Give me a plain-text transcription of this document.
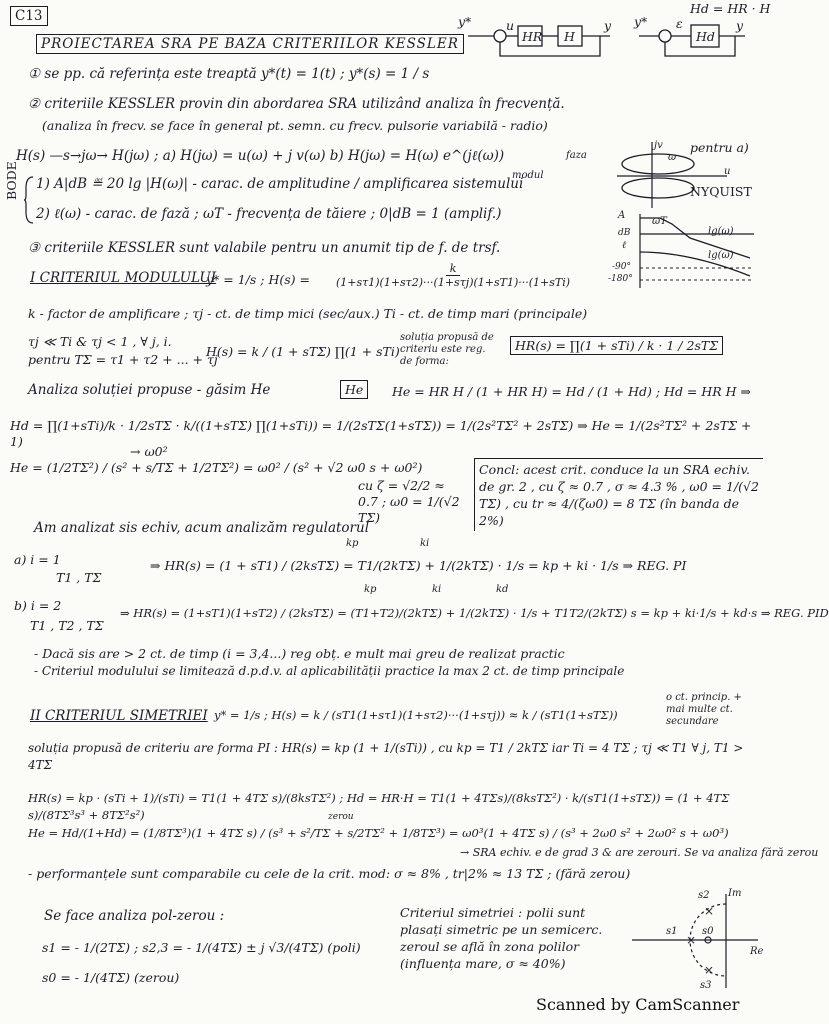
C13
PROIECTAREA SRA PE BAZA CRITERIILOR KESSLER
y*	u
HR H
y y* ε
Hd
y
Hd = HR · H
① se pp. că referința este treaptă y*(t) = 1(t) ; y*(s) = 1 / s
② criteriile KESSLER provin din abordarea SRA utilizând analiza în frecvență.
(analiza în frecv. se face în general pt. semn. cu frecv. pulsorie variabilă - radio)
H(s) —s→jω→ H(jω) ; a) H(jω) = u(ω) + j v(ω) b) H(jω) = H(ω) e^(jℓ(ω))
modul
faza
BODE 1) A|dB ≝ 20 lg |H(ω)| - carac. de amplitudine / amplificarea sistemului
2) ℓ(ω) - carac. de fază ; ωT - frecvența de tăiere ; 0|dB = 1 (amplif.)
③ criteriile KESSLER sunt valabile pentru un anumit tip de f. de trsf.
pentru a)
NYQUIST
jv
u
ω
A
ωT
lg(ω)
lg(ω)
ℓ
-90°
-180°
dB
I CRITERIUL MODULULUI
y* = 1/s ; H(s) =
k
(1+sτ1)(1+sτ2)···(1+sτj)(1+sT1)···(1+sTi)
k - factor de amplificare ; τj - ct. de timp mici (sec/aux.) Ti - ct. de timp mari (principale)
τj ≪ Ti & τj < 1 , ∀ j, i.
pentru TΣ = τ1 + τ2 + ... + τj
H(s) = k / (1 + sTΣ) ∏(1 + sTi)
soluția propusă de criteriu este reg. de forma:
HR(s) = ∏(1 + sTi) / k · 1 / 2sTΣ
Analiza soluției propuse - găsim He	He	He = HR H / (1 + HR H) = Hd / (1 + Hd) ; Hd = HR H ⇒
Hd = ∏(1+sTi)/k · 1/2sTΣ · k/((1+sTΣ) ∏(1+sTi)) = 1/(2sTΣ(1+sTΣ)) = 1/(2s²TΣ² + 2sTΣ) ⇒ He = 1/(2s²TΣ² + 2sTΣ + 1)
He = (1/2TΣ²) / (s² + s/TΣ + 1/2TΣ²) = ω0² / (s² + √2 ω0 s + ω0²)
→ ω0²
cu ζ = √2/2 ≈ 0.7 ; ω0 = 1/(√2 TΣ)
Concl: acest crit. conduce la un SRA echiv. de gr. 2 , cu ζ ≈ 0.7 , σ ≈ 4.3 % , ω0 = 1/(√2 TΣ) , cu tr ≈ 4/(ζω0) = 8 TΣ (în banda de 2%)
Am analizat sis echiv, acum analizăm regulatorul
a) i = 1
T1 , TΣ
⇒ HR(s) = (1 + sT1) / (2ksTΣ) = T1/(2kTΣ) + 1/(2kTΣ) · 1/s = kp + ki · 1/s ⇒ REG. PI
kp	ki
b) i = 2
T1 , T2 , TΣ
⇒ HR(s) = (1+sT1)(1+sT2) / (2ksTΣ) = (T1+T2)/(2kTΣ) + 1/(2kTΣ) · 1/s + T1T2/(2kTΣ) s = kp + ki·1/s + kd·s ⇒ REG. PID
kp	ki	kd
- Dacă sis are > 2 ct. de timp (i = 3,4...) reg obț. e mult mai greu de realizat practic
- Criteriul modulului se limitează d.p.d.v. al aplicabilității practice la max 2 ct. de timp principale
II CRITERIUL SIMETRIEI y* = 1/s ; H(s) = k / (sT1(1+sτ1)(1+sτ2)···(1+sτj)) ≈ k / (sT1(1+sTΣ))
o ct. princip. + mai multe ct. secundare
soluția propusă de criteriu are forma PI : HR(s) = kp (1 + 1/(sTi)) , cu kp = T1 / 2kTΣ iar Ti = 4 TΣ ; τj ≪ T1 ∀ j, T1 > 4TΣ
HR(s) = kp · (sTi + 1)/(sTi) = T1(1 + 4TΣ s)/(8ksTΣ²) ; Hd = HR·H = T1(1 + 4TΣs)/(8ksTΣ²) · k/(sT1(1+sTΣ)) = (1 + 4TΣ s)/(8TΣ³s³ + 8TΣ²s²)
He = Hd/(1+Hd) = (1/8TΣ³)(1 + 4TΣ s) / (s³ + s²/TΣ + s/2TΣ² + 1/8TΣ³) = ω0³(1 + 4TΣ s) / (s³ + 2ω0 s² + 2ω0² s + ω0³)
zerou
→ SRA echiv. e de grad 3 & are zerouri. Se va analiza fără zerou
- performanțele sunt comparabile cu cele de la crit. mod: σ ≈ 8% , tr|2% ≈ 13 TΣ ; (fără zerou)
Se face analiza pol-zerou :
s1 = - 1/(2TΣ) ; s2,3 = - 1/(4TΣ) ± j √3/(4TΣ) (poli)
s0 = - 1/(4TΣ) (zerou)
Criteriul simetriei : polii sunt plasați simetric pe un semicerc. zeroul se află în zona polilor (influența mare, σ ≈ 40%)
×
×
×
Im
Re
s1
s2
s3
s0
Scanned by CamScanner
